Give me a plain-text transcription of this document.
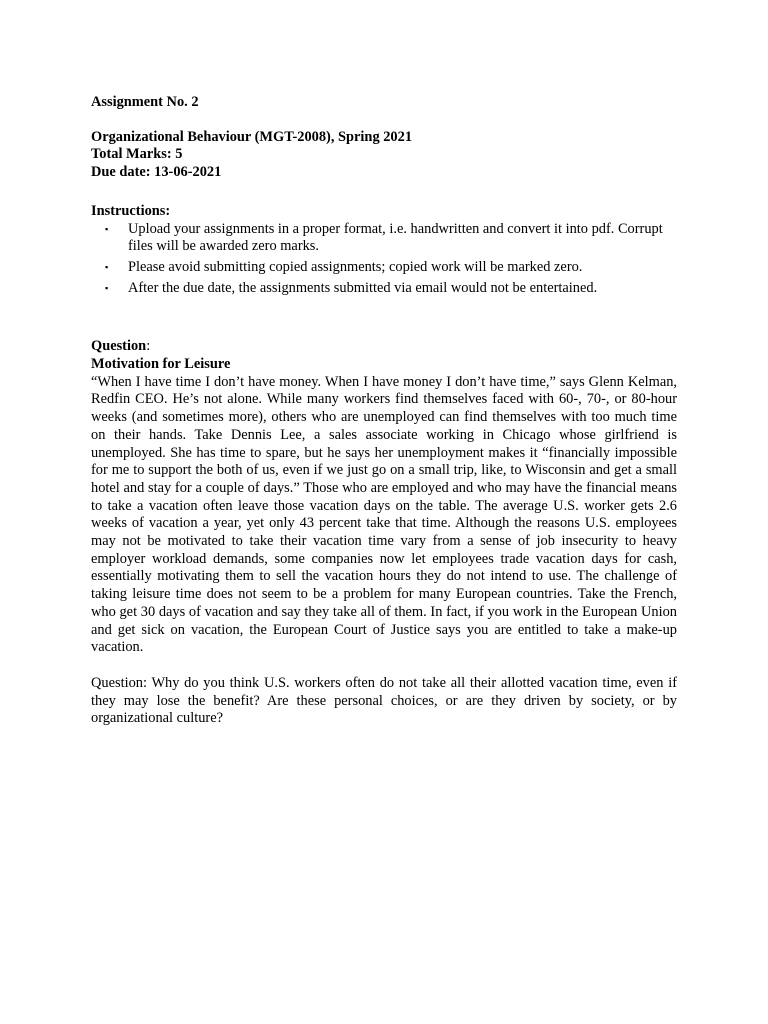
Assignment No. 2
Organizational Behaviour (MGT-2008), Spring 2021
Total Marks: 5
Due date: 13-06-2021
Instructions:
▪ Upload your assignments in a proper format, i.e. handwritten and convert it into pdf. Corrupt files will be awarded zero marks.
▪ Please avoid submitting copied assignments; copied work will be marked zero.
▪ After the due date, the assignments submitted via email would not be entertained.
Question:
Motivation for Leisure
“When I have time I don’t have money. When I have money I don’t have time,” says Glenn Kelman, Redfin CEO. He’s not alone. While many workers find themselves faced with 60-, 70-, or 80-hour weeks (and sometimes more), others who are unemployed can find themselves with too much time on their hands. Take Dennis Lee, a sales associate working in Chicago whose girlfriend is unemployed. She has time to spare, but he says her unemployment makes it “financially impossible for me to support the both of us, even if we just go on a small trip, like, to Wisconsin and get a small hotel and stay for a couple of days.” Those who are employed and who may have the financial means to take a vacation often leave those vacation days on the table. The average U.S. worker gets 2.6 weeks of vacation a year, yet only 43 percent take that time. Although the reasons U.S. employees may not be motivated to take their vacation time vary from a sense of job insecurity to heavy employer workload demands, some companies now let employees trade vacation days for cash, essentially motivating them to sell the vacation hours they do not intend to use. The challenge of taking leisure time does not seem to be a problem for many European countries. Take the French, who get 30 days of vacation and say they take all of them. In fact, if you work in the European Union and get sick on vacation, the European Court of Justice says you are entitled to take a make-up vacation.
Question: Why do you think U.S. workers often do not take all their allotted vacation time, even if they may lose the benefit? Are these personal choices, or are they driven by society, or by organizational culture?
